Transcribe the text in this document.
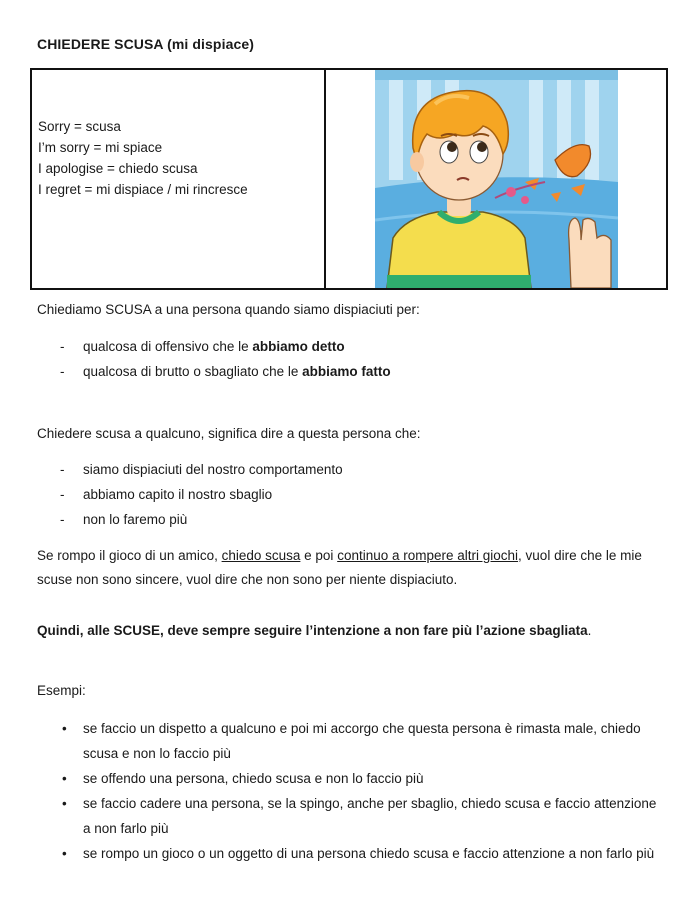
CHIEDERE SCUSA (mi dispiace)
Sorry = scusa
I’m sorry = mi spiace
I apologise = chiedo scusa
I regret = mi dispiace / mi rincresce
Chiediamo SCUSA a una persona quando siamo dispiaciuti per:
- qualcosa di offensivo che le abbiamo detto
- qualcosa di brutto o sbagliato che le abbiamo fatto
Chiedere scusa a qualcuno, significa dire a questa persona che:
- siamo dispiaciuti del nostro comportamento
- abbiamo capito il nostro sbaglio
- non lo faremo più
Se rompo il gioco di un amico, chiedo scusa e poi continuo a rompere altri giochi, vuol dire che le mie scuse non sono sincere, vuol dire che non sono per niente dispiaciuto.
Quindi, alle SCUSE, deve sempre seguire l’intenzione a non fare più l’azione sbagliata.
Esempi:
• se faccio un dispetto a qualcuno e poi mi accorgo che questa persona è rimasta male, chiedo scusa e non lo faccio più
• se offendo una persona, chiedo scusa e non lo faccio più
• se faccio cadere una persona, se la spingo, anche per sbaglio, chiedo scusa e faccio attenzione a non farlo più
• se rompo un gioco o un oggetto di una persona chiedo scusa e faccio attenzione a non farlo più
